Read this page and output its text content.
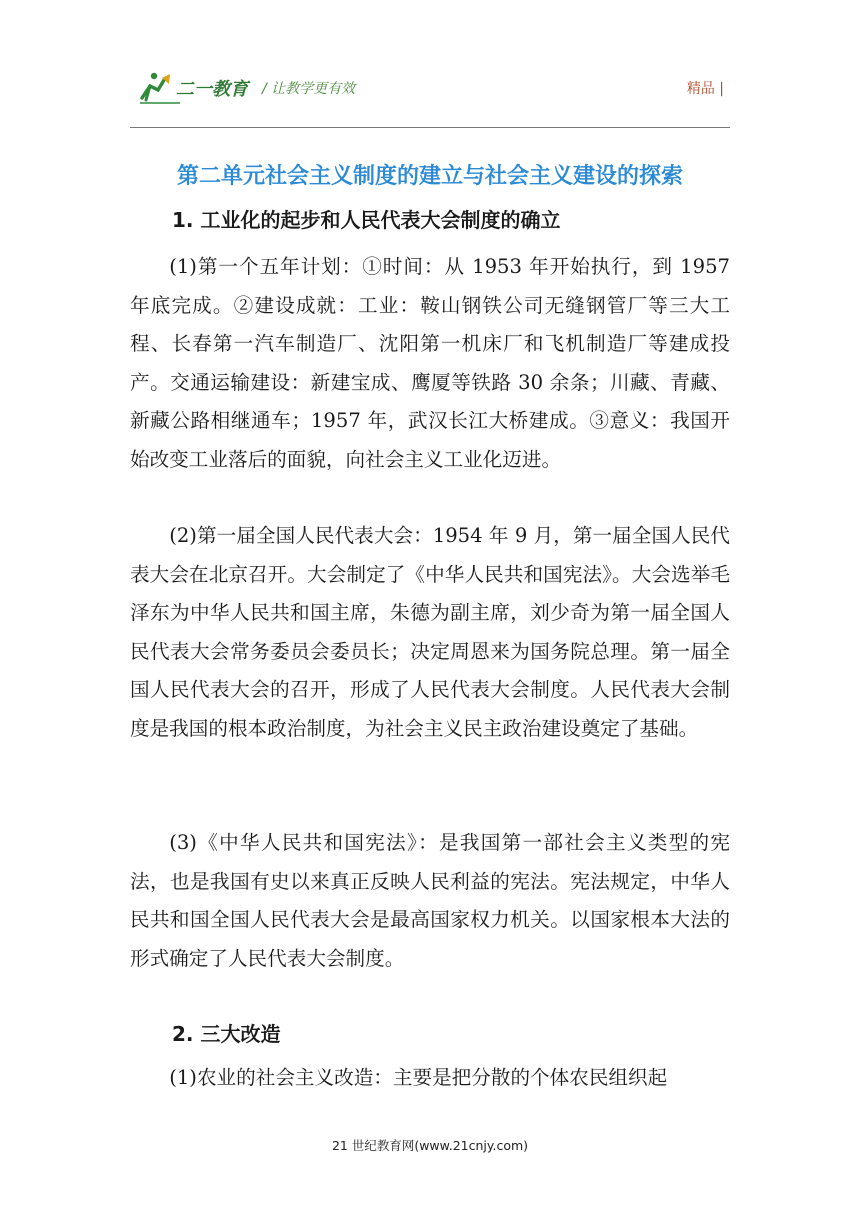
二一教育 / 让教学更有效	精品 |
第二单元社会主义制度的建立与社会主义建设的探索
1. 工业化的起步和人民代表大会制度的确立

(1)第一个五年计划：①时间：从 1953 年开始执行，到 1957 年底完成。②建设成就：工业：鞍山钢铁公司无缝钢管厂等三大工程、长春第一汽车制造厂、沈阳第一机床厂和飞机制造厂等建成投产。交通运输建设：新建宝成、鹰厦等铁路 30 余条；川藏、青藏、新藏公路相继通车；1957 年，武汉长江大桥建成。③意义：我国开始改变工业落后的面貌，向社会主义工业化迈进。

(2)第一届全国人民代表大会：1954 年 9 月，第一届全国人民代表大会在北京召开。大会制定了《中华人民共和国宪法》。大会选举毛泽东为中华人民共和国主席，朱德为副主席，刘少奇为第一届全国人民代表大会常务委员会委员长；决定周恩来为国务院总理。第一届全国人民代表大会的召开，形成了人民代表大会制度。人民代表大会制度是我国的根本政治制度，为社会主义民主政治建设奠定了基础。

(3)《中华人民共和国宪法》：是我国第一部社会主义类型的宪法，也是我国有史以来真正反映人民利益的宪法。宪法规定，中华人民共和国全国人民代表大会是最高国家权力机关。以国家根本大法的形式确定了人民代表大会制度。

2. 三大改造

(1)农业的社会主义改造：主要是把分散的个体农民组织起

21 世纪教育网(www.21cnjy.com)
